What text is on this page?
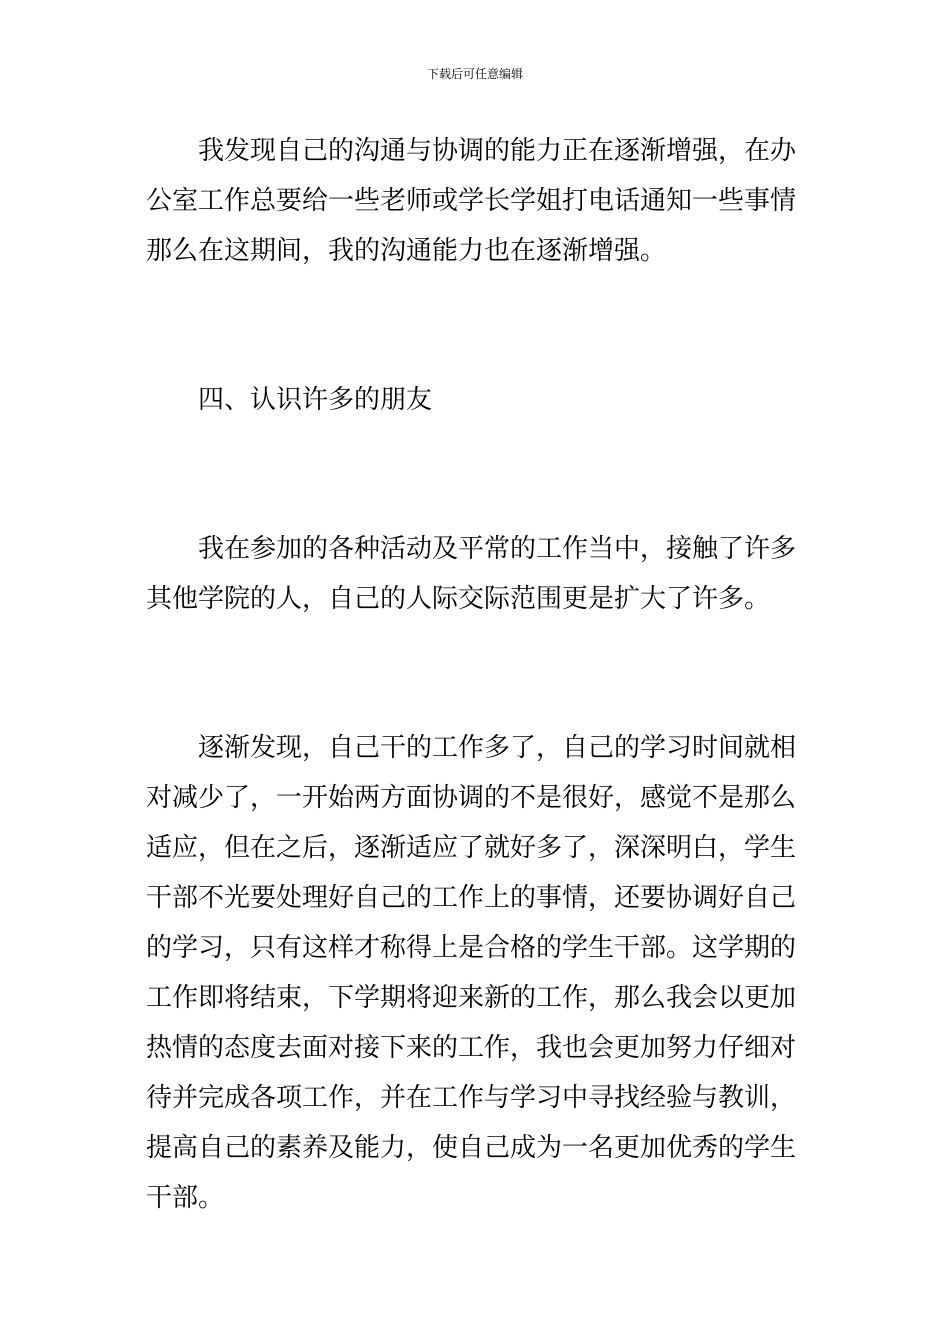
下载后可任意编辑

我发现自己的沟通与协调的能力正在逐渐增强，在办公室工作总要给一些老师或学长学姐打电话通知一些事情那么在这期间，我的沟通能力也在逐渐增强。

四、认识许多的朋友

我在参加的各种活动及平常的工作当中，接触了许多其他学院的人，自己的人际交际范围更是扩大了许多。

逐渐发现，自己干的工作多了，自己的学习时间就相对减少了，一开始两方面协调的不是很好，感觉不是那么适应，但在之后，逐渐适应了就好多了，深深明白，学生干部不光要处理好自己的工作上的事情，还要协调好自己的学习，只有这样才称得上是合格的学生干部。这学期的工作即将结束，下学期将迎来新的工作，那么我会以更加热情的态度去面对接下来的工作，我也会更加努力仔细对待并完成各项工作，并在工作与学习中寻找经验与教训，提高自己的素养及能力，使自己成为一名更加优秀的学生干部。
